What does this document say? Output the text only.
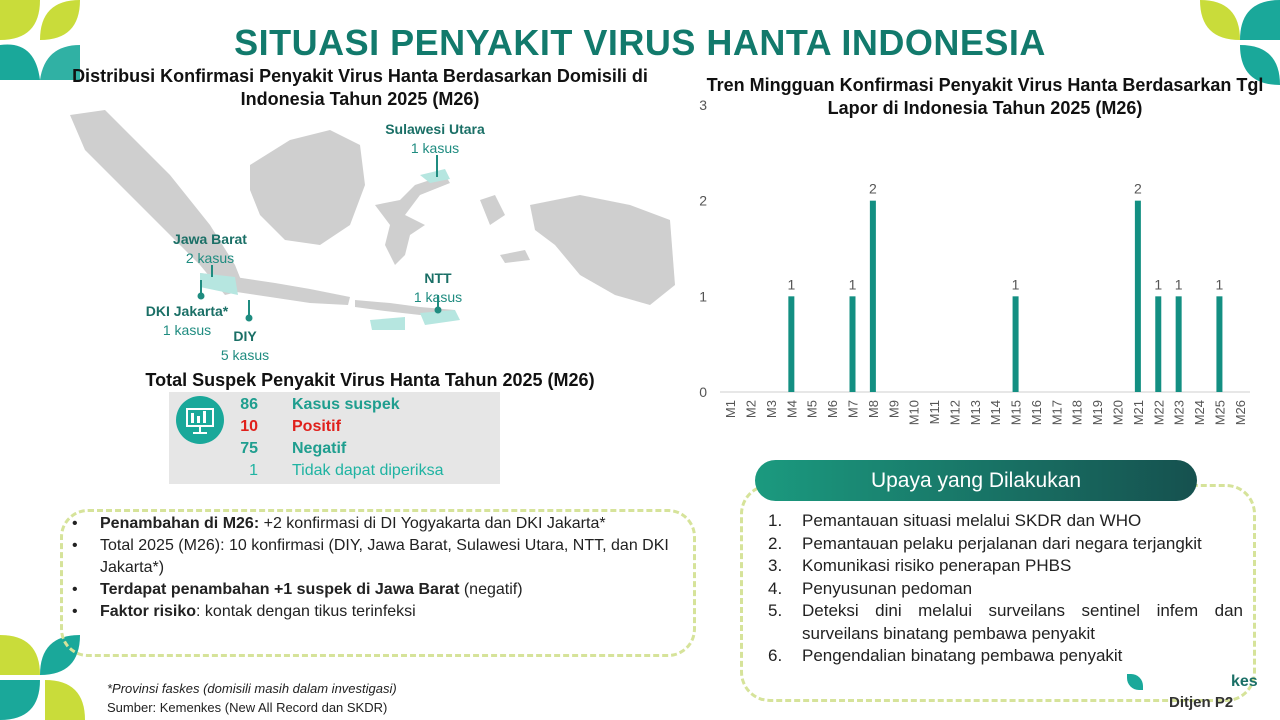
SITUASI PENYAKIT VIRUS HANTA INDONESIA
Distribusi Konfirmasi Penyakit Virus Hanta Berdasarkan Domisili di Indonesia Tahun 2025 (M26)
Sulawesi Utara
1 kasus
Jawa Barat
2 kasus
DKI Jakarta*
1 kasus	DIY
5 kasus
NTT
1 kasus
Total Suspek Penyakit Virus Hanta Tahun 2025 (M26)
86 Kasus suspek
10 Positif
75 Negatif
1 Tidak dapat diperiksa
• Penambahan di M26: +2 konfirmasi di DI Yogyakarta dan DKI Jakarta*
• Total 2025 (M26): 10 konfirmasi (DIY, Jawa Barat, Sulawesi Utara, NTT, dan DKI Jakarta*)
• Terdapat penambahan +1 suspek di Jawa Barat (negatif)
• Faktor risiko: kontak dengan tikus terinfeksi
*Provinsi faskes (domisili masih dalam investigasi)
Sumber: Kemenkes (New All Record dan SKDR)
Tren Mingguan Konfirmasi Penyakit Virus Hanta Berdasarkan Tgl Lapor di Indonesia Tahun 2025 (M26)
0
1
2
3
M1 M2 M3
1
M4 M5 M6
1
M7
2
M8 M9 M10 M11 M12 M13 M14
1
M15 M16 M17 M18 M19 M20
2
M21
1
M22
1
M23 M24
1
M25 M26
Upaya yang Dilakukan
1.	Pemantauan situasi melalui SKDR dan WHO
2.	Pemantauan pelaku perjalanan dari negara terjangkit
3.	Komunikasi risiko penerapan PHBS
4.	Penyusunan pedoman
5.	Deteksi dini melalui surveilans sentinel infem dan surveilans binatang pembawa penyakit
6.	Pengendalian binatang pembawa penyakit
kes
Ditjen P2
